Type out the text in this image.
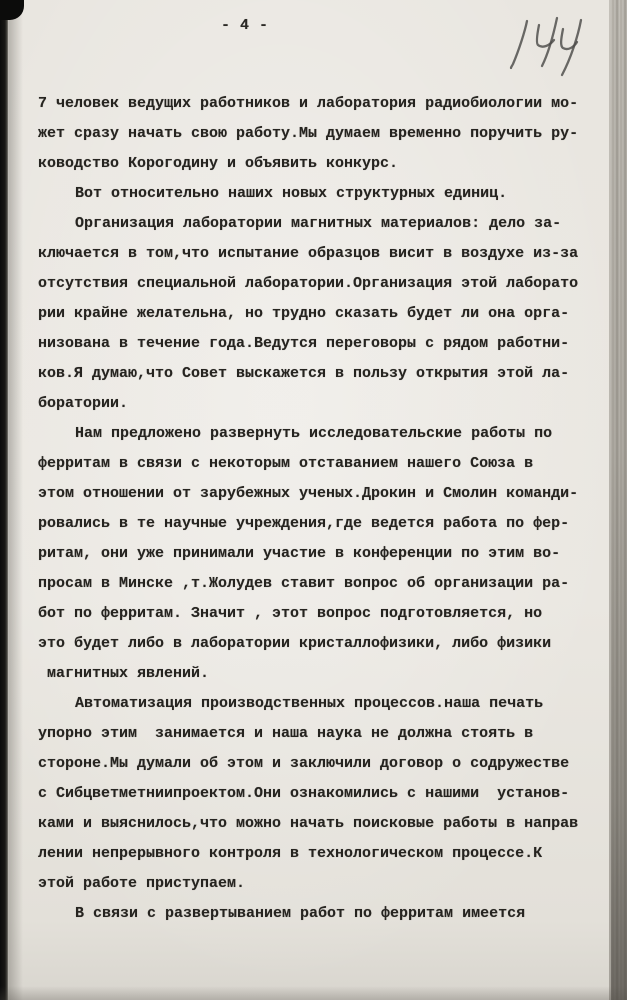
- 4 -
7 человек ведущих работников и лаборатория радиобиологии мо-
жет сразу начать свою работу.Мы думаем временно поручить ру-
ководство Корогодину и объявить конкурс.
Вот относительно наших новых структурных единиц.
Организация лаборатории магнитных материалов: дело за-
ключается в том,что испытание образцов висит в воздухе из-за
отсутствия специальной лаборатории.Организация этой лаборато
рии крайне желательна, но трудно сказать будет ли она орга-
низована в течение года.Ведутся переговоры с рядом работни-
ков.Я думаю,что Совет выскажется в пользу открытия этой ла-
боратории.
Нам предложено развернуть исследовательские работы по
ферритам в связи с некоторым отставанием нашего Союза в
этом отношении от зарубежных ученых.Дрокин и Смолин команди-
ровались в те научные учреждения,где ведется работа по фер-
ритам, они уже принимали участие в конференции по этим во-
просам в Минске ,т.Жолудев ставит вопрос об организации ра-
бот по ферритам. Значит , этот вопрос подготовляется, но
это будет либо в лаборатории кристаллофизики, либо физики
магнитных явлений.
Автоматизация производственных процессов.наша печать
упорно этим  занимается и наша наука не должна стоять в
стороне.Мы думали об этом и заключили договор о содружестве
с Сибцветметниипроектом.Они ознакомились с нашими  установ-
ками и выяснилось,что можно начать поисковые работы в направ
лении непрерывного контроля в технологическом процессе.К
этой работе приступаем.
В связи с развертыванием работ по ферритам имеется
